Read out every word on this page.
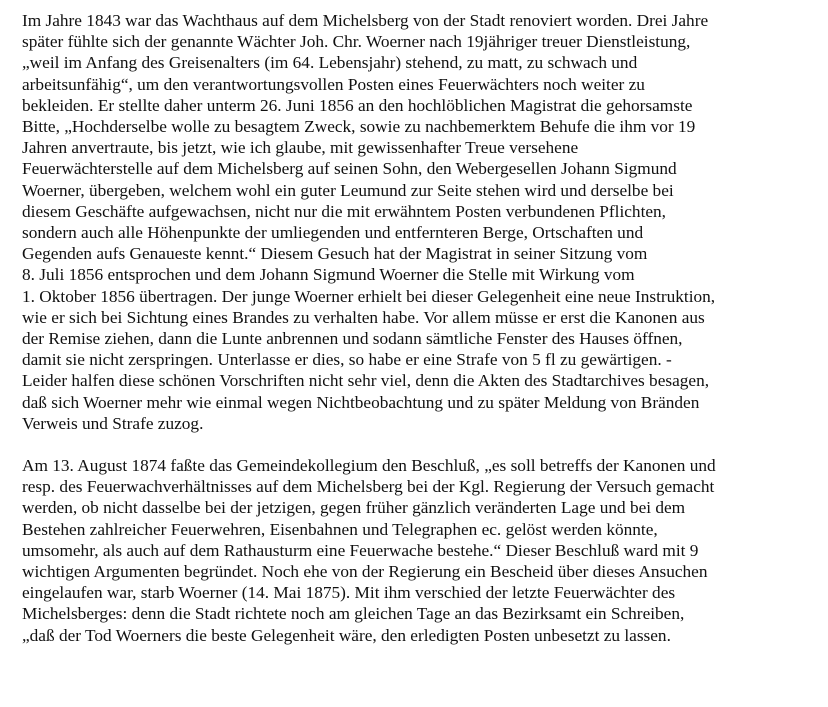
Im Jahre 1843 war das Wachthaus auf dem Michelsberg von der Stadt renoviert worden. Drei Jahre
später fühlte sich der genannte Wächter Joh. Chr. Woerner nach 19jähriger treuer Dienstleistung,
„weil im Anfang des Greisenalters (im 64. Lebensjahr) stehend, zu matt, zu schwach und
arbeitsunfähig“, um den verantwortungsvollen Posten eines Feuerwächters noch weiter zu
bekleiden. Er stellte daher unterm 26. Juni 1856 an den hochlöblichen Magistrat die gehorsamste
Bitte, „Hochderselbe wolle zu besagtem Zweck, sowie zu nachbemerktem Behufe die ihm vor 19
Jahren anvertraute, bis jetzt, wie ich glaube, mit gewissenhafter Treue versehene
Feuerwächterstelle auf dem Michelsberg auf seinen Sohn, den Webergesellen Johann Sigmund
Woerner, übergeben, welchem wohl ein guter Leumund zur Seite stehen wird und derselbe bei
diesem Geschäfte aufgewachsen, nicht nur die mit erwähntem Posten verbundenen Pflichten,
sondern auch alle Höhenpunkte der umliegenden und entfernteren Berge, Ortschaften und
Gegenden aufs Genaueste kennt.“ Diesem Gesuch hat der Magistrat in seiner Sitzung vom
8. Juli 1856 entsprochen und dem Johann Sigmund Woerner die Stelle mit Wirkung vom
1. Oktober 1856 übertragen. Der junge Woerner erhielt bei dieser Gelegenheit eine neue Instruktion,
wie er sich bei Sichtung eines Brandes zu verhalten habe. Vor allem müsse er erst die Kanonen aus
der Remise ziehen, dann die Lunte anbrennen und sodann sämtliche Fenster des Hauses öffnen,
damit sie nicht zerspringen. Unterlasse er dies, so habe er eine Strafe von 5 fl zu gewärtigen. -
Leider halfen diese schönen Vorschriften nicht sehr viel, denn die Akten des Stadtarchives besagen,
daß sich Woerner mehr wie einmal wegen Nichtbeobachtung und zu später Meldung von Bränden
Verweis und Strafe zuzog.
Am 13. August 1874 faßte das Gemeindekollegium den Beschluß, „es soll betreffs der Kanonen und
resp. des Feuerwachverhältnisses auf dem Michelsberg bei der Kgl. Regierung der Versuch gemacht
werden, ob nicht dasselbe bei der jetzigen, gegen früher gänzlich veränderten Lage und bei dem
Bestehen zahlreicher Feuerwehren, Eisenbahnen und Telegraphen ec. gelöst werden könnte,
umsomehr, als auch auf dem Rathausturm eine Feuerwache bestehe.“ Dieser Beschluß ward mit 9
wichtigen Argumenten begründet. Noch ehe von der Regierung ein Bescheid über dieses Ansuchen
eingelaufen war, starb Woerner (14. Mai 1875). Mit ihm verschied der letzte Feuerwächter des
Michelsberges: denn die Stadt richtete noch am gleichen Tage an das Bezirksamt ein Schreiben,
„daß der Tod Woerners die beste Gelegenheit wäre, den erledigten Posten unbesetzt zu lassen.
